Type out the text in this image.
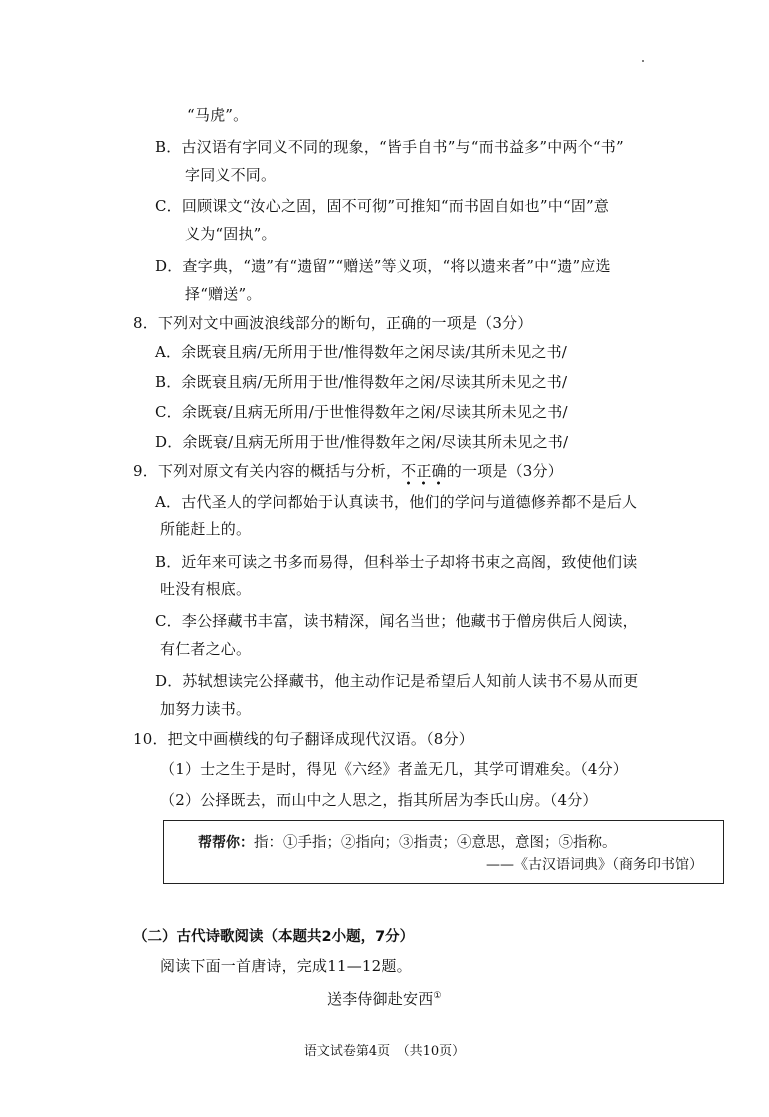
“马虎”。
B．古汉语有字同义不同的现象，“皆手自书”与“而书益多”中两个“书”
字同义不同。
C．回顾课文“汝心之固，固不可彻”可推知“而书固自如也”中“固”意
义为“固执”。
D．查字典，“遗”有“遗留”“赠送”等义项，“将以遗来者”中“遗”应选
择“赠送”。
8．下列对文中画波浪线部分的断句，正确的一项是（3分）
A．余既衰且病/无所用于世/惟得数年之闲尽读/其所未见之书/
B．余既衰且病/无所用于世/惟得数年之闲/尽读其所未见之书/
C．余既衰/且病无所用/于世惟得数年之闲/尽读其所未见之书/
D．余既衰/且病无所用于世/惟得数年之闲/尽读其所未见之书/
9．下列对原文有关内容的概括与分析，不正确的一项是（3分）
A．古代圣人的学问都始于认真读书，他们的学问与道德修养都不是后人
所能赶上的。
B．近年来可读之书多而易得，但科举士子却将书束之高阁，致使他们读
吐没有根底。
C．李公择藏书丰富，读书精深，闻名当世；他藏书于僧房供后人阅读，
有仁者之心。
D．苏轼想读完公择藏书，他主动作记是希望后人知前人读书不易从而更
加努力读书。
10．把文中画横线的句子翻译成现代汉语。（8分）
（1）士之生于是时，得见《六经》者盖无几，其学可谓难矣。（4分）
（2）公择既去，而山中之人思之，指其所居为李氏山房。（4分）
帮帮你：指：①手指；②指向；③指责；④意思，意图；⑤指称。
——《古汉语词典》（商务印书馆）
（二）古代诗歌阅读（本题共2小题，7分）
阅读下面一首唐诗，完成11—12题。
送李侍御赴安西①
语文试卷第4页　（共10页）
